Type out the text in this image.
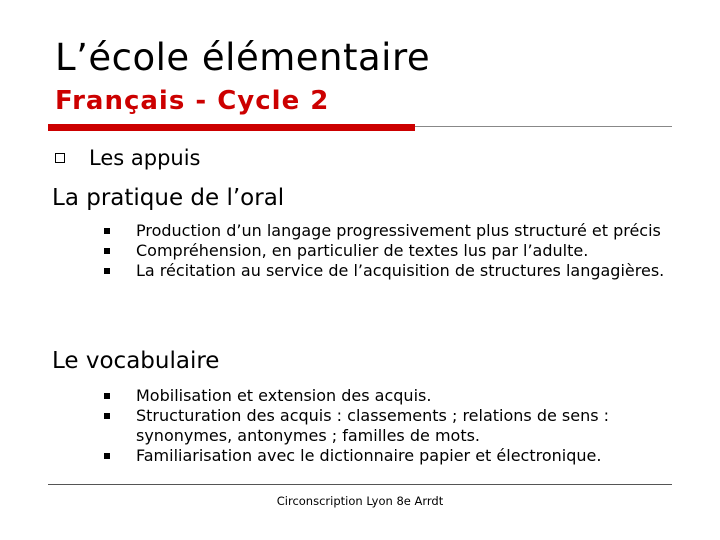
L’école élémentaire
Français - Cycle 2
Les appuis
La pratique de l’oral
Production d’un langage progressivement plus structuré et précis
Compréhension, en particulier de textes lus par l’adulte.
La récitation au service de l’acquisition de structures langagières.
Le vocabulaire
Mobilisation et extension des acquis.
Structuration des acquis : classements ; relations de sens : synonymes, antonymes ; familles de mots.
Familiarisation avec le dictionnaire papier et électronique.
Circonscription Lyon 8e Arrdt
